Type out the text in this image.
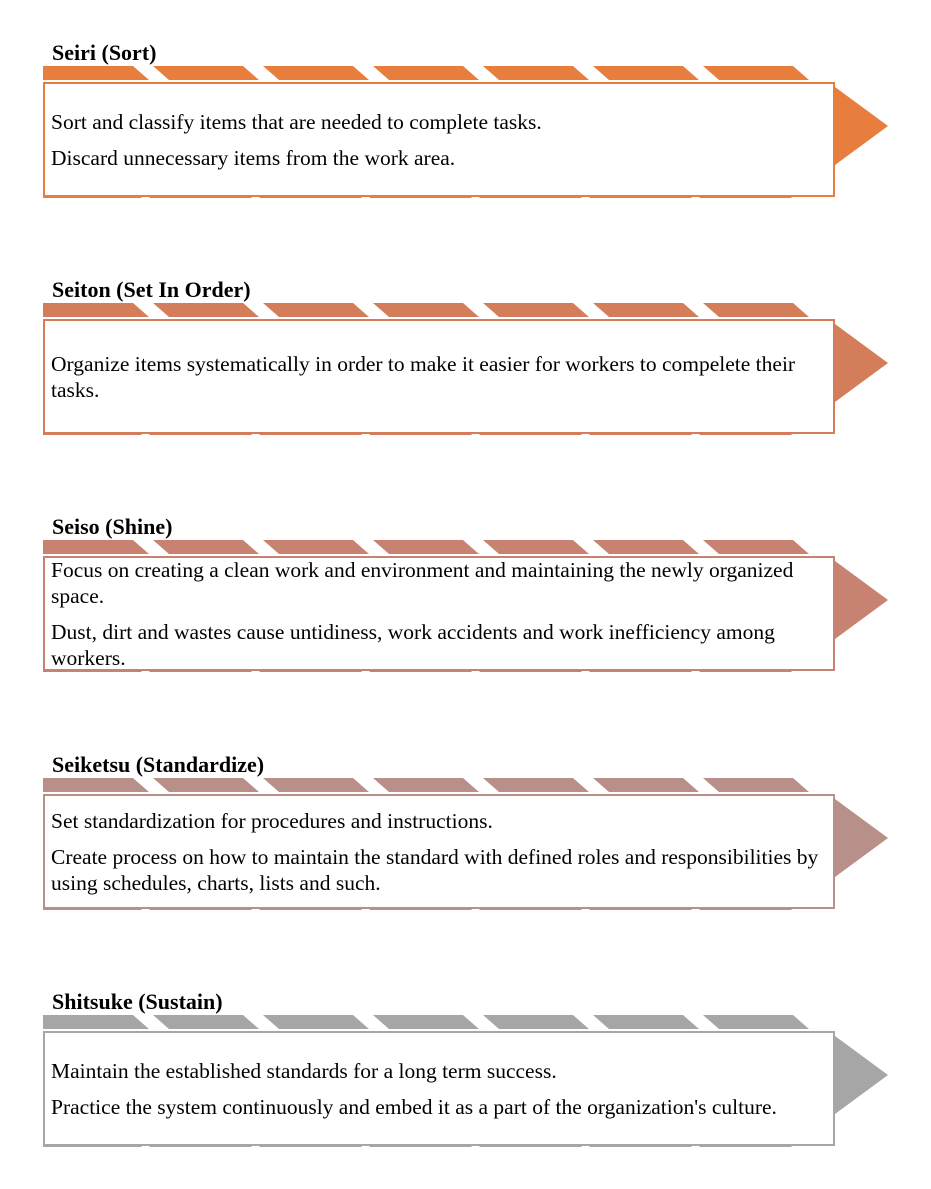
Seiri (Sort)

Sort and classify items that are needed to complete tasks.

Discard unnecessary items from the work area.

Seiton (Set In Order)

Organize items systematically in order to make it easier for workers to compelete their tasks.

Seiso (Shine)

Focus on creating a clean work and environment and maintaining the newly organized space.

Dust, dirt and wastes cause untidiness, work accidents and work inefficiency among workers.

Seiketsu (Standardize)

Set standardization for procedures and instructions.

Create process on how to maintain the standard with defined roles and responsibilities by using schedules, charts, lists and such.

Shitsuke (Sustain)

Maintain the established standards for a long term success.

Practice the system continuously and embed it as a part of the organization's culture.
